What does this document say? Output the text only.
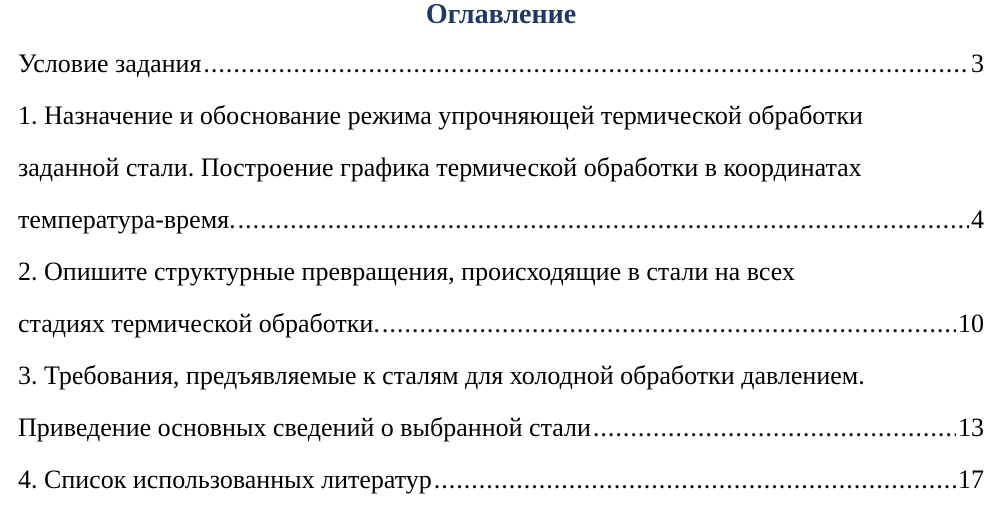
Оглавление
Условие задания .....	3
1. Назначение и обоснование режима упрочняющей термической обработки
заданной стали. Построение графика термической обработки в координатах
температура-время. .....	4
2. Опишите структурные превращения, происходящие в стали на всех
стадиях термической обработки. .....	10
3. Требования, предъявляемые к сталям для холодной обработки давлением.
Приведение основных сведений о выбранной стали .....	13
4. Список использованных литератур .....	17
